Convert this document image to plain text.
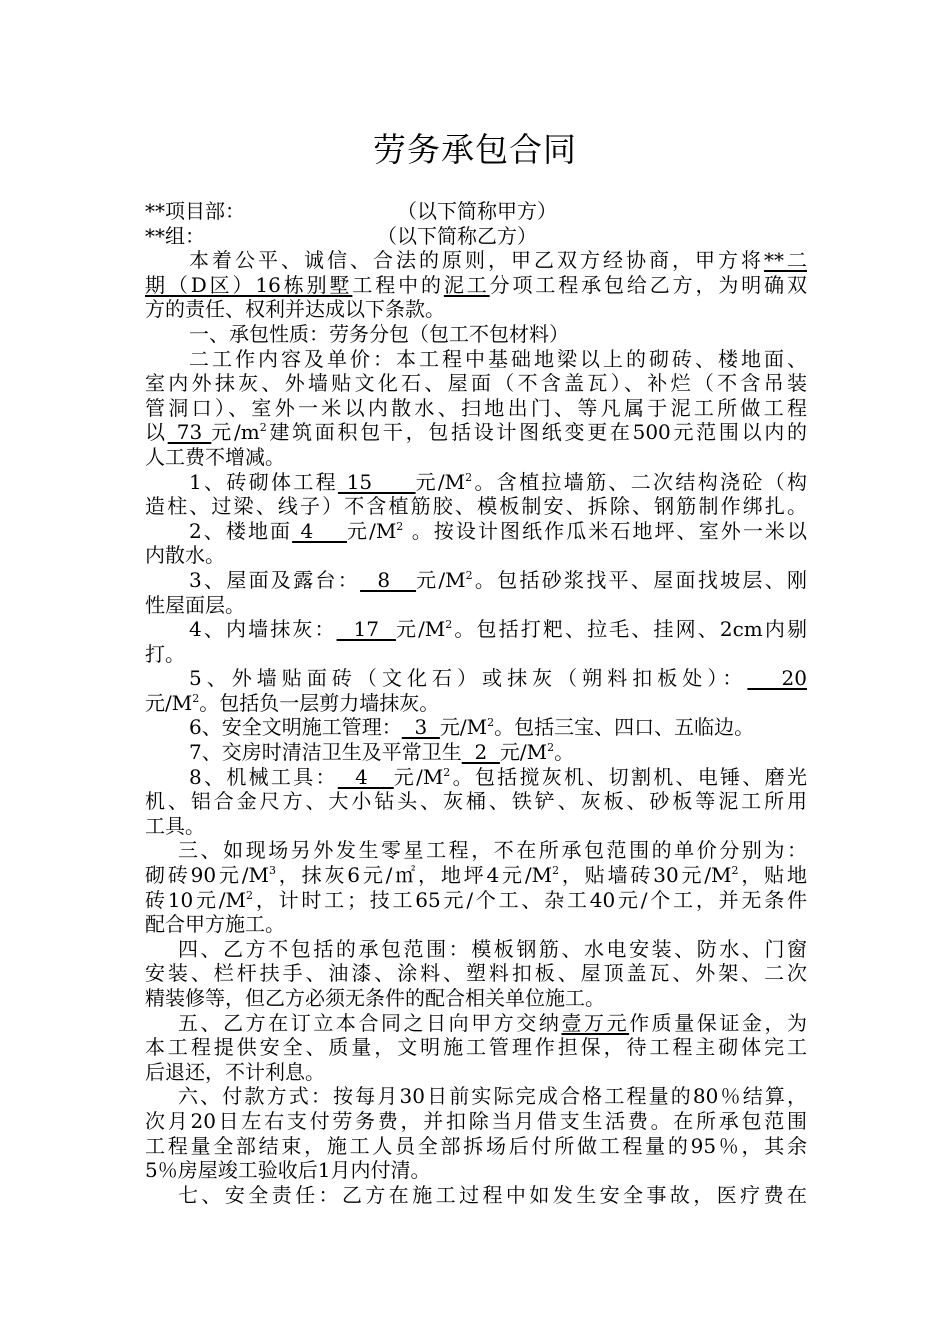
劳务承包合同
**项目部：	（以下简称甲方）
**组：	（以下简称乙方）
本着公平、诚信、合法的原则，甲乙双方经协商，甲方将**二
期（D区）16栋别墅工程中的泥工分项工程承包给乙方，为明确双
方的责任、权利并达成以下条款。
一、承包性质：劳务分包（包工不包材料）
二工作内容及单价：本工程中基础地梁以上的砌砖、楼地面、
室内外抹灰、外墙贴文化石、屋面（不含盖瓦）、补烂（不含吊装
管洞口）、室外一米以内散水、扫地出门、等凡属于泥工所做工程
以 73 元$/m^2$建筑面积包干，包括设计图纸变更在500元范围以内的
人工费不增减。
1、砖砌体工程 15     元$/M^2$。含植拉墙筋、二次结构浇砼（构
造柱、过梁、线子）不含植筋胶、模板制安、拆除、钢筋制作绑扎。
2、楼地面 4    元$/M^2$ 。按设计图纸作瓜米石地坪、室外一米以
内散水。
3、屋面及露台：  8   元$/M^2$。包括砂浆找平、屋面找坡层、刚
性屋面层。
4、内墙抹灰：  17  元$/M^2$。包括打粑、拉毛、挂网、2cm内剔
打。
5、外墙贴面砖（文化石）或抹灰（朔料扣板处）：   20
元$/M^2$。包括负一层剪力墙抹灰。
6、安全文明施工管理：  3  元$/M^2$。包括三宝、四口、五临边。
7、交房时清洁卫生及平常卫生  2  元$/M^2$。
8、机械工具：  4   元$/M^2$。包括搅灰机、切割机、电锤、磨光
机、铝合金尺方、大小钻头、灰桶、铁铲、灰板、砂板等泥工所用
工具。
三、如现场另外发生零星工程，不在所承包范围的单价分别为：
砌砖90元$/M^3$，抹灰6元/㎡，地坪4元$/M^2$，贴墙砖30元$/M^2$，贴地
砖10元$/M^2$，计时工；技工65元/个工、杂工40元/个工，并无条件
配合甲方施工。
四、乙方不包括的承包范围：模板钢筋、水电安装、防水、门窗
安装、栏杆扶手、油漆、涂料、塑料扣板、屋顶盖瓦、外架、二次
精装修等，但乙方必须无条件的配合相关单位施工。
五、乙方在订立本合同之日向甲方交纳壹万元作质量保证金，为
本工程提供安全、质量，文明施工管理作担保，待工程主砌体完工
后退还，不计利息。
六、付款方式：按每月30日前实际完成合格工程量的80％结算，
次月20日左右支付劳务费，并扣除当月借支生活费。在所承包范围
工程量全部结束，施工人员全部拆场后付所做工程量的95％，其余
5％房屋竣工验收后1月内付清。
七、安全责任：乙方在施工过程中如发生安全事故，医疗费在
